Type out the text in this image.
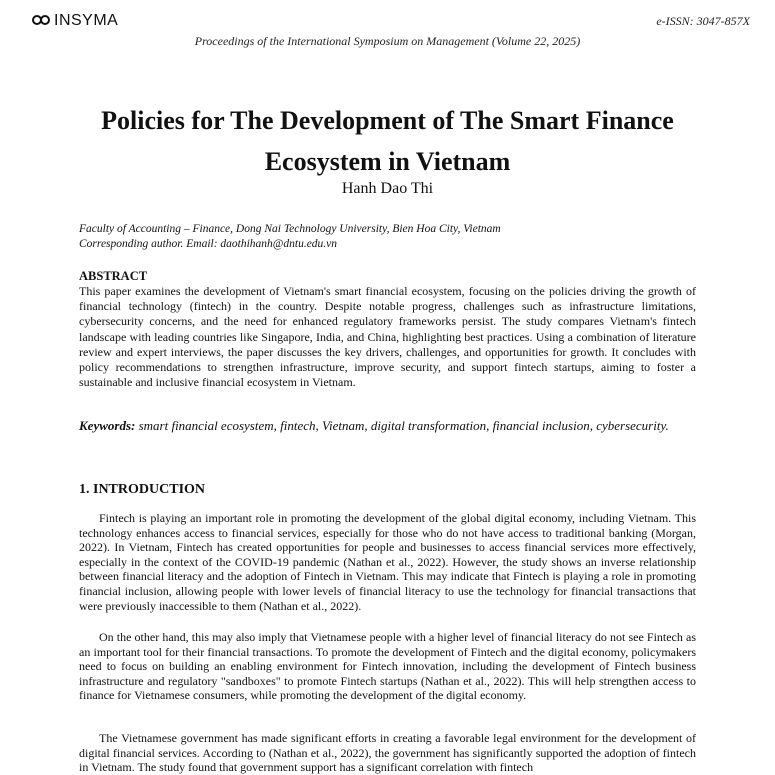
INSYMA	e-ISSN: 3047-857X
Proceedings of the International Symposium on Management (Volume 22, 2025)
Policies for The Development of The Smart Finance Ecosystem in Vietnam
Hanh Dao Thi
Faculty of Accounting – Finance, Dong Nai Technology University, Bien Hoa City, Vietnam
Corresponding author. Email: daothihanh@dntu.edu.vn
ABSTRACT

This paper examines the development of Vietnam's smart financial ecosystem, focusing on the policies driving the growth of financial technology (fintech) in the country. Despite notable progress, challenges such as infrastructure limitations, cybersecurity concerns, and the need for enhanced regulatory frameworks persist. The study compares Vietnam's fintech landscape with leading countries like Singapore, India, and China, highlighting best practices. Using a combination of literature review and expert interviews, the paper discusses the key drivers, challenges, and opportunities for growth. It concludes with policy recommendations to strengthen infrastructure, improve security, and support fintech startups, aiming to foster a sustainable and inclusive financial ecosystem in Vietnam.

Keywords: smart financial ecosystem, fintech, Vietnam, digital transformation, financial inclusion, cybersecurity.

1. INTRODUCTION

Fintech is playing an important role in promoting the development of the global digital economy, including Vietnam. This technology enhances access to financial services, especially for those who do not have access to traditional banking (Morgan, 2022). In Vietnam, Fintech has created opportunities for people and businesses to access financial services more effectively, especially in the context of the COVID-19 pandemic (Nathan et al., 2022). However, the study shows an inverse relationship between financial literacy and the adoption of Fintech in Vietnam. This may indicate that Fintech is playing a role in promoting financial inclusion, allowing people with lower levels of financial literacy to use the technology for financial transactions that were previously inaccessible to them (Nathan et al., 2022).

On the other hand, this may also imply that Vietnamese people with a higher level of financial literacy do not see Fintech as an important tool for their financial transactions. To promote the development of Fintech and the digital economy, policymakers need to focus on building an enabling environment for Fintech innovation, including the development of Fintech business infrastructure and regulatory "sandboxes" to promote Fintech startups (Nathan et al., 2022). This will help strengthen access to finance for Vietnamese consumers, while promoting the development of the digital economy.

The Vietnamese government has made significant efforts in creating a favorable legal environment for the development of digital financial services. According to (Nathan et al., 2022), the government has significantly supported the adoption of fintech in Vietnam. The study found that government support has a significant correlation with fintech
